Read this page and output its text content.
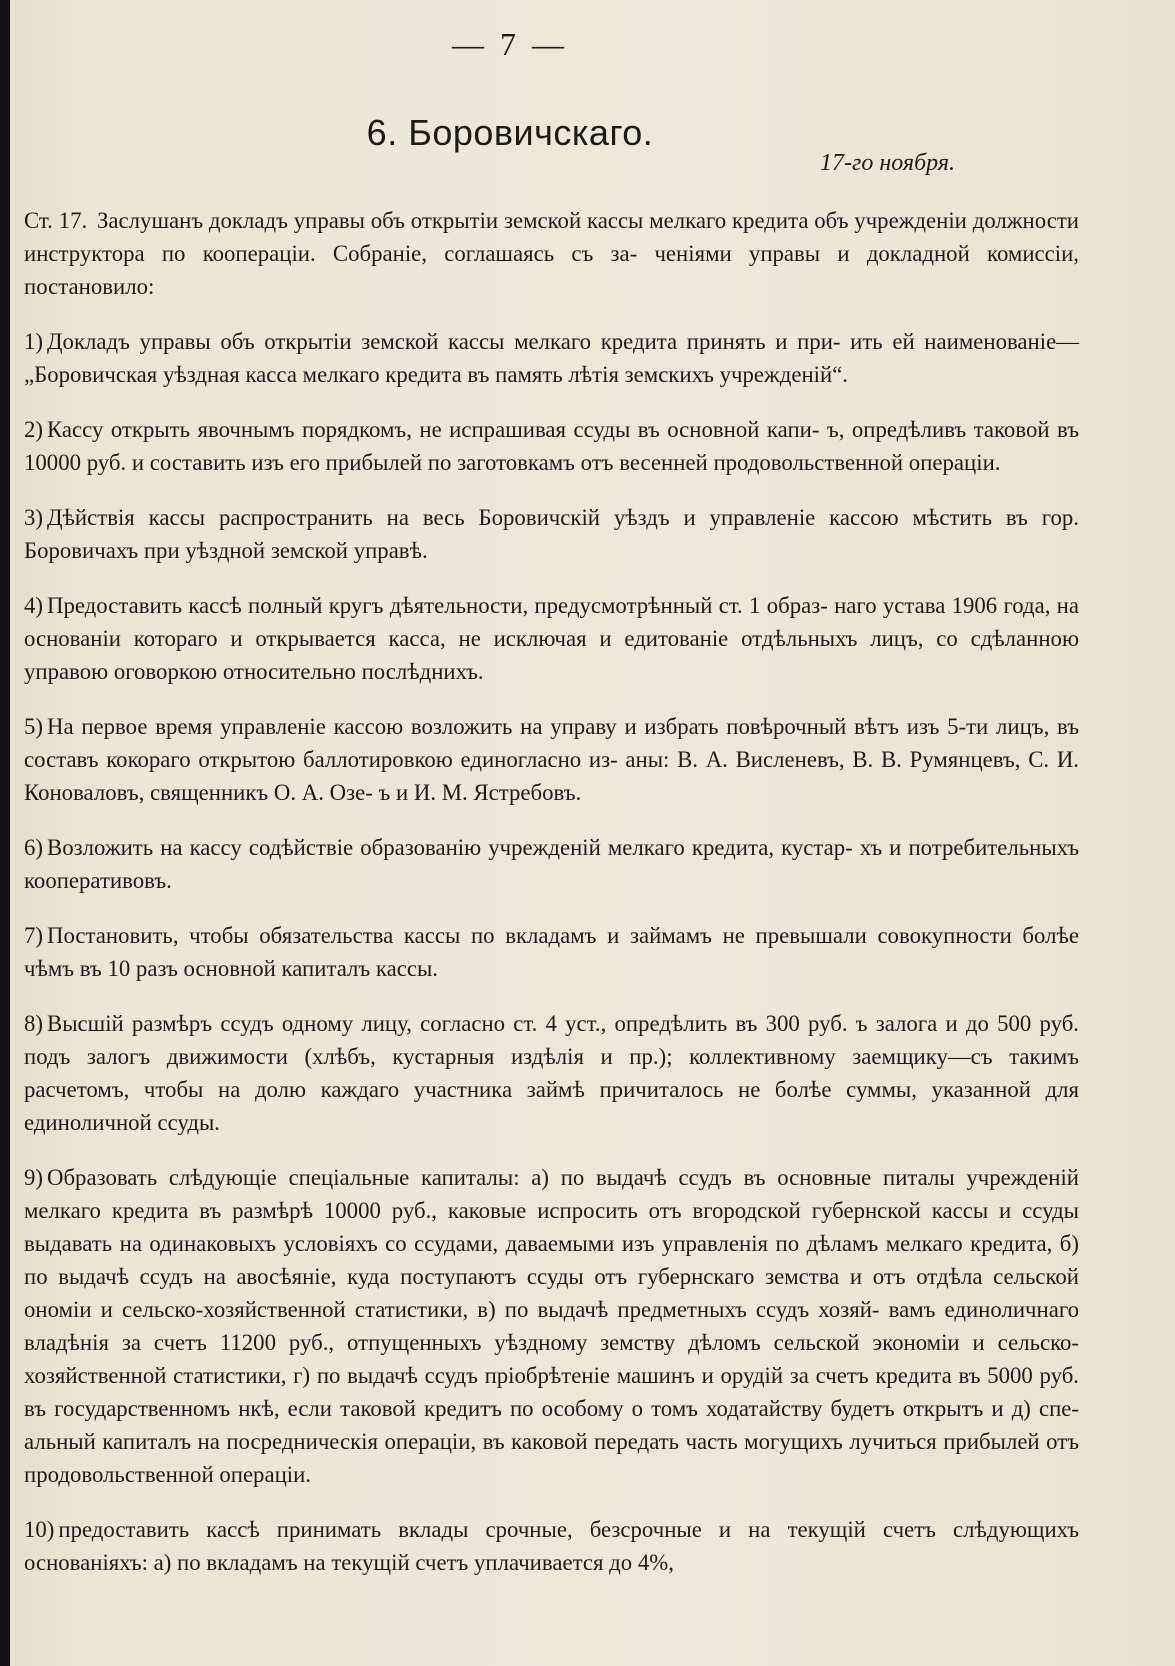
— 7 —
6. Боровичскаго.
17-го ноября.

Ст. 17. Заслушанъ докладъ управы объ открытіи земской кассы мелкаго кредита объ учрежденіи должности инструктора по кооперацiи. Собраніе, соглашаясь съ за- ченіями управы и докладной комиссіи, постановило:

1) Докладъ управы объ открытіи земской кассы мелкаго кредита принять и при- ить ей наименованіе—„Боровичская уѣздная касса мелкаго кредита въ память лѣтія земскихъ учрежденій“.

2) Кассу открыть явочнымъ порядкомъ, не испрашивая ссуды въ основной капи- ъ, опредѣливъ таковой въ 10000 руб. и составить изъ его прибылей по заготовкамъ отъ весенней продовольственной операціи.

3) Дѣйствія кассы распространить на весь Боровичскій уѣздъ и управленіе кассою мѣстить въ гор. Боровичахъ при уѣздной земской управѣ.

4) Предоставить кассѣ полный кругъ дѣятельности, предусмотрѣнный ст. 1 образ- наго устава 1906 года, на основаніи котораго и открывается касса, не исключая и едитованіе отдѣльныхъ лицъ, со сдѣланною управою оговоркою относительно послѣднихъ.

5) На первое время управленіе кассою возложить на управу и избрать повѣрочный вѣтъ изъ 5-ти лицъ, въ составъ кокораго открытою баллотировкою единогласно из- аны: В. А. Висленевъ, В. В. Румянцевъ, С. И. Коноваловъ, священникъ О. А. Озе- ъ и И. М. Ястребовъ.

6) Возложить на кассу содѣйствіе образованію учрежденій мелкаго кредита, кустар- хъ и потребительныхъ кооперативовъ.

7) Постановить, чтобы обязательства кассы по вкладамъ и займамъ не превышали совокупности болѣе чѣмъ въ 10 разъ основной капиталъ кассы.

8) Высшій размѣръ ссудъ одному лицу, согласно ст. 4 уст., опредѣлить въ 300 руб. ъ залога и до 500 руб. подъ залогъ движимости (хлѣбъ, кустарныя издѣлія и пр.); коллективному заемщику—съ такимъ расчетомъ, чтобы на долю каждаго участника займѣ причиталось не болѣе суммы, указанной для единоличной ссуды.

9) Образовать слѣдующіе спеціальные капиталы: а) по выдачѣ ссудъ въ основные питалы учрежденій мелкаго кредита въ размѣрѣ 10000 руб., каковые испросить отъ вгородской губернской кассы и ссуды выдавать на одинаковыхъ условіяхъ со ссудами, даваемыми изъ управленія по дѣламъ мелкаго кредита, б) по выдачѣ ссудъ на авосѣяніе, куда поступаютъ ссуды отъ губернскаго земства и отъ отдѣла сельской ономіи и сельско-хозяйственной статистики, в) по выдачѣ предметныхъ ссудъ хозяй- вамъ единоличнаго владѣнія за счетъ 11200 руб., отпущенныхъ уѣздному земству дѣломъ сельской экономіи и сельско-хозяйственной статистики, г) по выдачѣ ссудъ пріобрѣтеніе машинъ и орудій за счетъ кредита въ 5000 руб. въ государственномъ нкѣ, если таковой кредитъ по особому о томъ ходатайству будетъ открытъ и д) спе- альный капиталъ на посредническія операціи, въ каковой передать часть могущихъ лучиться прибылей отъ продовольственной операціи.

10) предоставить кассѣ принимать вклады срочные, безсрочные и на текущій счетъ слѣдующихъ основаніяхъ: а) по вкладамъ на текущій счетъ уплачивается до 4%,
